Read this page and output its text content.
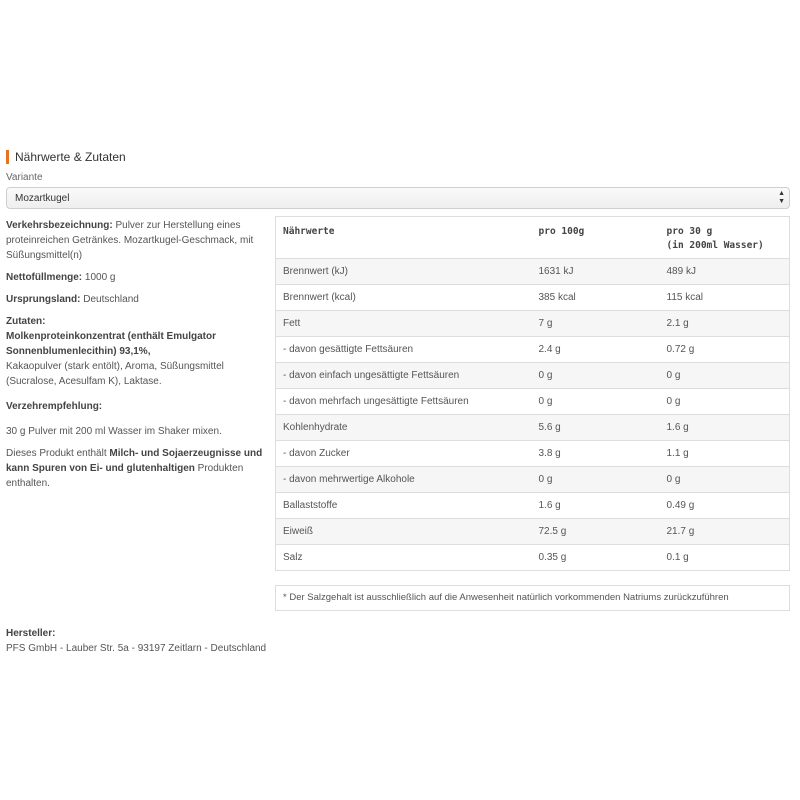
Nährwerte & Zutaten
Variante
Mozartkugel	▲
▼

Verkehrsbezeichnung: Pulver zur Herstellung eines proteinreichen Getränkes. Mozartkugel-Geschmack, mit Süßungsmittel(n)

Nettofüllmenge: 1000 g

Ursprungsland: Deutschland

Zutaten:

Molkenproteinkonzentrat (enthält Emulgator Sonnenblumenlecithin) 93,1%,

Kakaopulver (stark entölt), Aroma, Süßungsmittel (Sucralose, Acesulfam K), Laktase.

Verzehrempfehlung:

30 g Pulver mit 200 ml Wasser im Shaker mixen.

Dieses Produkt enthält Milch- und Sojaerzeugnisse und kann Spuren von Ei- und glutenhaltigen Produkten enthalten.

Nährwerte	pro 100g	pro 30 g
(in 200ml Wasser)
Brennwert (kJ)	1631 kJ	489 kJ
Brennwert (kcal)	385 kcal	115 kcal
Fett	7 g	2.1 g
- davon gesättigte Fettsäuren	2.4 g	0.72 g
- davon einfach ungesättigte Fettsäuren	0 g	0 g
- davon mehrfach ungesättigte Fettsäuren	0 g	0 g
Kohlenhydrate	5.6 g	1.6 g
- davon Zucker	3.8 g	1.1 g
- davon mehrwertige Alkohole	0 g	0 g
Ballaststoffe	1.6 g	0.49 g
Eiweiß	72.5 g	21.7 g
Salz	0.35 g	0.1 g
* Der Salzgehalt ist ausschließlich auf die Anwesenheit natürlich vorkommenden Natriums zurückzuführen
Hersteller:
PFS GmbH - Lauber Str. 5a - 93197 Zeitlarn - Deutschland
